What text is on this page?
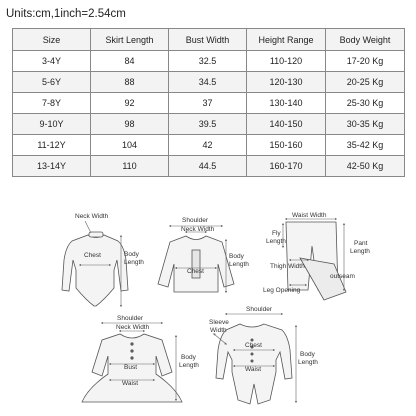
Units:cm,1inch=2.54cm
Size	Skirt Length	Bust Width	Height Range	Body Weight
3-4Y	84	32.5	110-120	17-20 Kg
5-6Y	88	34.5	120-130	20-25 Kg
7-8Y	92	37	130-140	25-30 Kg
9-10Y	98	39.5	140-150	30-35 Kg
11-12Y	104	42	150-160	35-42 Kg
13-14Y	110	44.5	160-170	42-50 Kg
Neck Width
Chest	Body
Length
Shoulder
Neck Width
Chest
Body
Length
Waist Width
Fly
Length	Pant
Length
Thigh Width
Leg Opening
outseam
Shoulder
Neck Width
Bust
Waist
Body
Length
Shoulder
Sleeve
Width
Chest
Waist
Body
Length
